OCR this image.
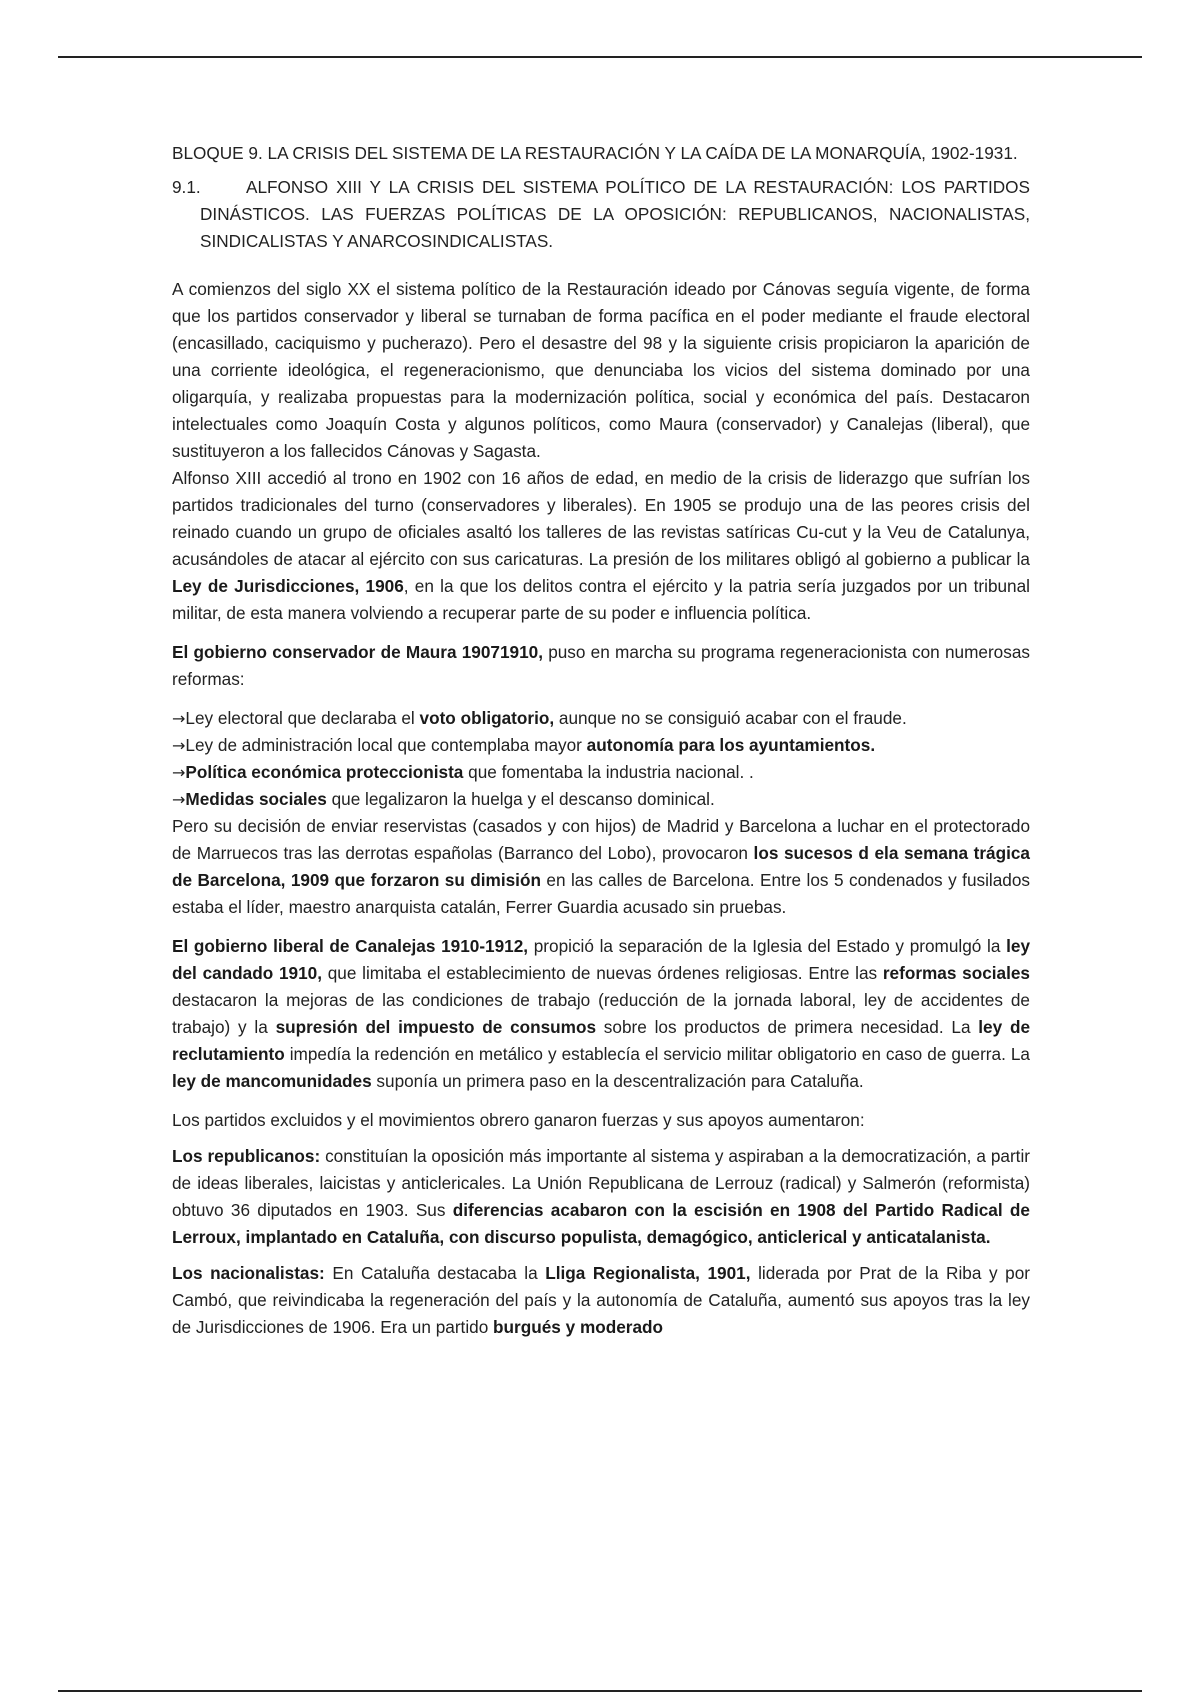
BLOQUE 9. LA CRISIS DEL SISTEMA DE LA RESTAURACIÓN Y LA CAÍDA DE LA MONARQUÍA, 1902-1931.

9.1.	ALFONSO XIII Y LA CRISIS DEL SISTEMA POLÍTICO DE LA RESTAURACIÓN: LOS PARTIDOS DINÁSTICOS. LAS FUERZAS POLÍTICAS DE LA OPOSICIÓN: REPUBLICANOS, NACIONALISTAS, SINDICALISTAS Y ANARCOSINDICALISTAS.

A comienzos del siglo XX el sistema político de la Restauración ideado por Cánovas seguía vigente, de forma que los partidos conservador y liberal se turnaban de forma pacífica en el poder mediante el fraude electoral (encasillado, caciquismo y pucherazo). Pero el desastre del 98 y la siguiente crisis propiciaron la aparición de una corriente ideológica, el regeneracionismo, que denunciaba los vicios del sistema dominado por una oligarquía, y realizaba propuestas para la modernización política, social y económica del país. Destacaron intelectuales como Joaquín Costa y algunos políticos, como Maura (conservador) y Canalejas (liberal), que sustituyeron a los fallecidos Cánovas y Sagasta.

Alfonso XIII accedió al trono en 1902 con 16 años de edad, en medio de la crisis de liderazgo que sufrían los partidos tradicionales del turno (conservadores y liberales). En 1905 se produjo una de las peores crisis del reinado cuando un grupo de oficiales asaltó los talleres de las revistas satíricas Cu-cut y la Veu de Catalunya, acusándoles de atacar al ejército con sus caricaturas. La presión de los militares obligó al gobierno a publicar la Ley de Jurisdicciones, 1906, en la que los delitos contra el ejército y la patria sería juzgados por un tribunal militar, de esta manera volviendo a recuperar parte de su poder e influencia política.

El gobierno conservador de Maura 19071910, puso en marcha su programa regeneracionista con numerosas reformas:

→Ley electoral que declaraba el voto obligatorio, aunque no se consiguió acabar con el fraude.

→Ley de administración local que contemplaba mayor autonomía para los ayuntamientos.

→Política económica proteccionista que fomentaba la industria nacional. .

→Medidas sociales que legalizaron la huelga y el descanso dominical.

Pero su decisión de enviar reservistas (casados y con hijos) de Madrid y Barcelona a luchar en el protectorado de Marruecos tras las derrotas españolas (Barranco del Lobo), provocaron los sucesos d ela semana trágica de Barcelona, 1909 que forzaron su dimisión en las calles de Barcelona. Entre los 5 condenados y fusilados estaba el líder, maestro anarquista catalán, Ferrer Guardia acusado sin pruebas.

El gobierno liberal de Canalejas 1910-1912, propició la separación de la Iglesia del Estado y promulgó la ley del candado 1910, que limitaba el establecimiento de nuevas órdenes religiosas. Entre las reformas sociales destacaron la mejoras de las condiciones de trabajo (reducción de la jornada laboral, ley de accidentes de trabajo) y la supresión del impuesto de consumos sobre los productos de primera necesidad. La ley de reclutamiento impedía la redención en metálico y establecía el servicio militar obligatorio en caso de guerra. La ley de mancomunidades suponía un primera paso en la descentralización para Cataluña.

Los partidos excluidos y el movimientos obrero ganaron fuerzas y sus apoyos aumentaron:

Los republicanos: constituían la oposición más importante al sistema y aspiraban a la democratización, a partir de ideas liberales, laicistas y anticlericales. La Unión Republicana de Lerrouz (radical) y Salmerón (reformista) obtuvo 36 diputados en 1903. Sus diferencias acabaron con la escisión en 1908 del Partido Radical de Lerroux, implantado en Cataluña, con discurso populista, demagógico, anticlerical y anticatalanista.

Los nacionalistas: En Cataluña destacaba la Lliga Regionalista, 1901, liderada por Prat de la Riba y por Cambó, que reivindicaba la regeneración del país y la autonomía de Cataluña, aumentó sus apoyos tras la ley de Jurisdicciones de 1906. Era un partido burgués y moderado
